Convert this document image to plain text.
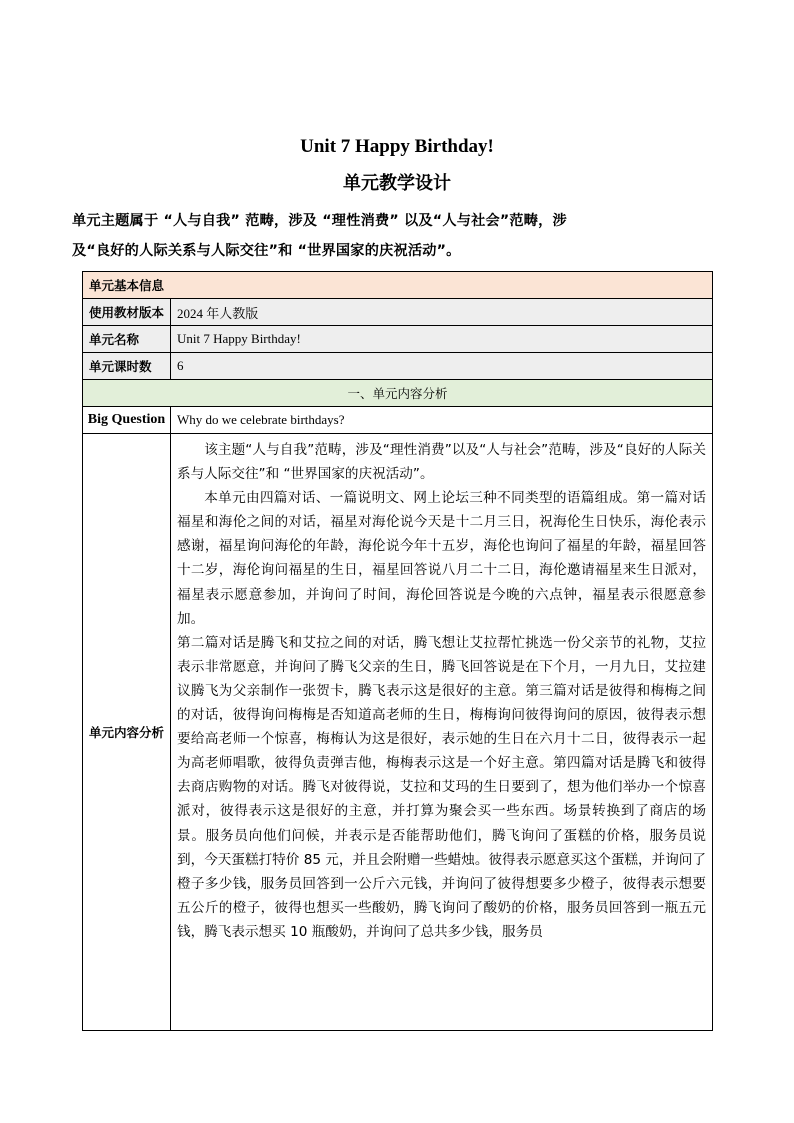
Unit 7 Happy Birthday!
单元教学设计

单元主题属于 “人与自我” 范畴，涉及 “理性消费” 以及“人与社会”范畴，涉

及“良好的人际关系与人际交往”和 “世界国家的庆祝活动”。

单元基本信息	
使用教材版本	2024 年人教版
单元名称	Unit 7 Happy Birthday!
单元课时数	6
一、单元内容分析	
Big Question	Why do we celebrate birthdays?
单元内容分析	该主题“人与自我”范畴，涉及“理性消费”以及“人与社会”范畴，涉及“良好的人际关系与人际交往”和 “世界国家的庆祝活动”。

本单元由四篇对话、一篇说明文、网上论坛三种不同类型的语篇组成。第一篇对话福星和海伦之间的对话，福星对海伦说今天是十二月三日，祝海伦生日快乐，海伦表示感谢，福星询问海伦的年龄，海伦说今年十五岁，海伦也询问了福星的年龄，福星回答十二岁，海伦询问福星的生日，福星回答说八月二十二日，海伦邀请福星来生日派对，福星表示愿意参加，并询问了时间，海伦回答说是今晚的六点钟，福星表示很愿意参加。

第二篇对话是腾飞和艾拉之间的对话，腾飞想让艾拉帮忙挑选一份父亲节的礼物，艾拉表示非常愿意，并询问了腾飞父亲的生日，腾飞回答说是在下个月，一月九日，艾拉建议腾飞为父亲制作一张贺卡，腾飞表示这是很好的主意。第三篇对话是彼得和梅梅之间的对话，彼得询问梅梅是否知道高老师的生日，梅梅询问彼得询问的原因，彼得表示想要给高老师一个惊喜，梅梅认为这是很好，表示她的生日在六月十二日，彼得表示一起为高老师唱歌，彼得负责弹吉他，梅梅表示这是一个好主意。第四篇对话是腾飞和彼得去商店购物的对话。腾飞对彼得说，艾拉和艾玛的生日要到了，想为他们举办一个惊喜派对，彼得表示这是很好的主意，并打算为聚会买一些东西。场景转换到了商店的场景。服务员向他们问候，并表示是否能帮助他们，腾飞询问了蛋糕的价格，服务员说到，今天蛋糕打特价 85 元，并且会附赠一些蜡烛。彼得表示愿意买这个蛋糕，并询问了橙子多少钱，服务员回答到一公斤六元钱，并询问了彼得想要多少橙子，彼得表示想要五公斤的橙子，彼得也想买一些酸奶，腾飞询问了酸奶的价格，服务员回答到一瓶五元钱，腾飞表示想买 10 瓶酸奶，并询问了总共多少钱，服务员
